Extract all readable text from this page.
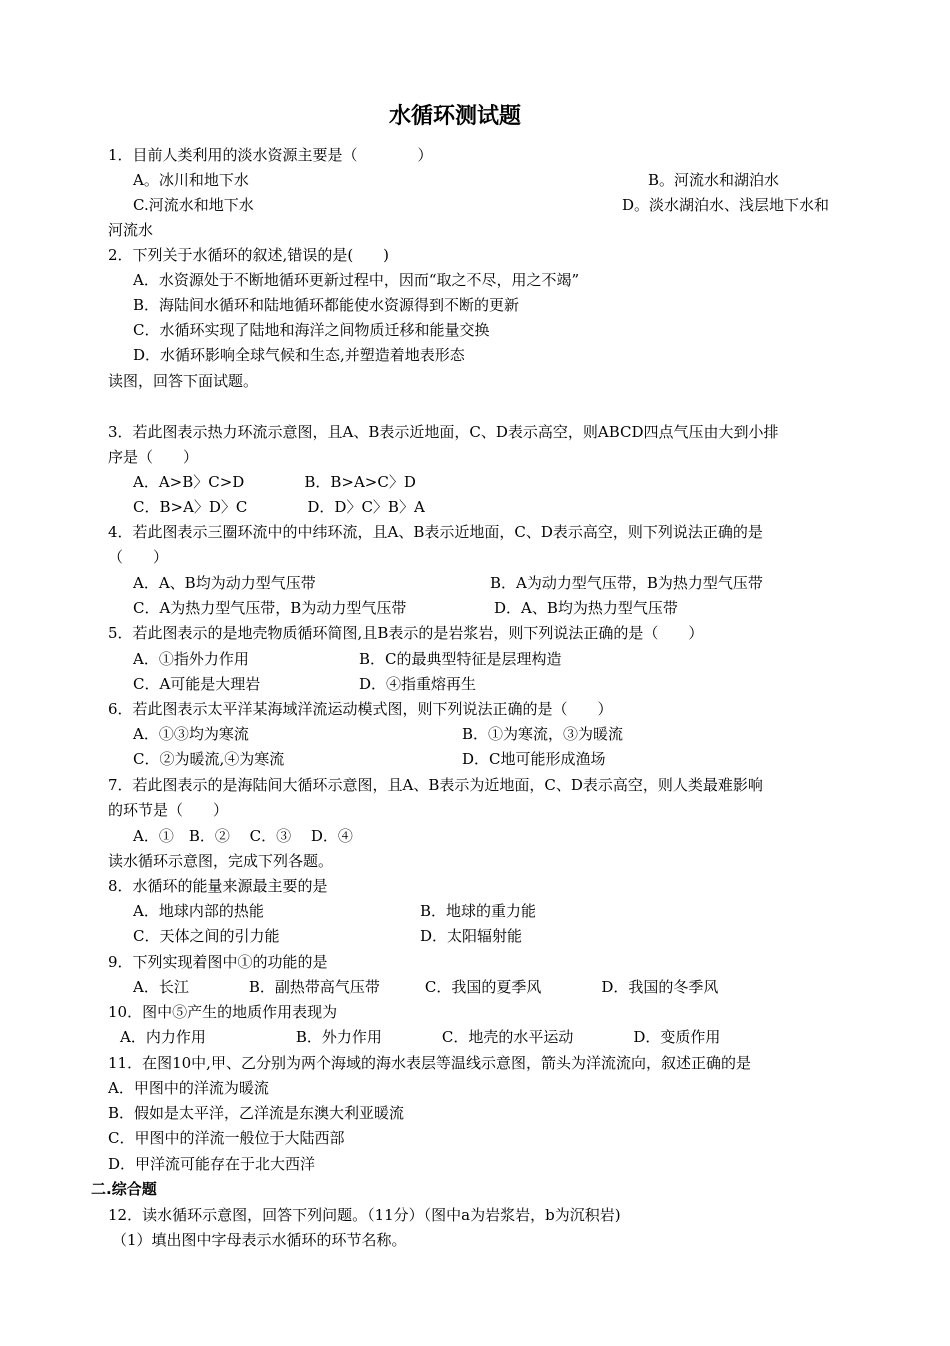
水循环测试题
1．目前人类利用的淡水资源主要是（　　　　）
A。冰川和地下水	B。河流水和湖泊水
C.河流水和地下水	D。淡水湖泊水、浅层地下水和
河流水
2．下列关于水循环的叙述,错误的是(　　)
A．水资源处于不断地循环更新过程中，因而“取之不尽，用之不竭”
B．海陆间水循环和陆地循环都能使水资源得到不断的更新
C．水循环实现了陆地和海洋之间物质迁移和能量交换
D．水循环影响全球气候和生态,并塑造着地表形态
读图，回答下面试题。
3．若此图表示热力环流示意图，且A、B表示近地面，C、D表示高空，则ABCD四点气压由大到小排
序是（　　）
A．A>B〉C>D　　　　B．B>A>C〉D
C．B>A〉D〉C　　　　D．D〉C〉B〉A
4．若此图表示三圈环流中的中纬环流，且A、B表示近地面，C、D表示高空，则下列说法正确的是
（　　）
A．A、B均为动力型气压带	B．A为动力型气压带，B为热力型气压带
C．A为热力型气压带，B为动力型气压带	D．A、B均为热力型气压带
5．若此图表示的是地壳物质循环简图,且B表示的是岩浆岩，则下列说法正确的是（　　）
A．①指外力作用	B．C的最典型特征是层理构造
C．A可能是大理岩	D．④指重熔再生
6．若此图表示太平洋某海域洋流运动模式图，则下列说法正确的是（　　）
A．①③均为寒流	B．①为寒流，③为暖流
C．②为暖流,④为寒流	D．C地可能形成渔场
7．若此图表示的是海陆间大循环示意图，且A、B表示为近地面，C、D表示高空，则人类最难影响
的环节是（　　）
A．①　B．②　 C．③　 D．④
读水循环示意图，完成下列各题。
8．水循环的能量来源最主要的是
A．地球内部的热能	B．地球的重力能
C．天体之间的引力能	D．太阳辐射能
9．下列实现着图中①的功能的是
A．长江　　　　B．副热带高气压带　　　C．我国的夏季风　　　　D．我国的冬季风
10．图中⑤产生的地质作用表现为
A．内力作用　　　　　　B．外力作用　　　　C．地壳的水平运动　　　　D．变质作用
11．在图10中,甲、乙分别为两个海域的海水表层等温线示意图，箭头为洋流流向，叙述正确的是
A．甲图中的洋流为暖流
B．假如是太平洋，乙洋流是东澳大利亚暖流
C．甲图中的洋流一般位于大陆西部
D．甲洋流可能存在于北大西洋
二.综合题
12．读水循环示意图，回答下列问题。（11分）（图中a为岩浆岩，b为沉积岩)
（1）填出图中字母表示水循环的环节名称。
